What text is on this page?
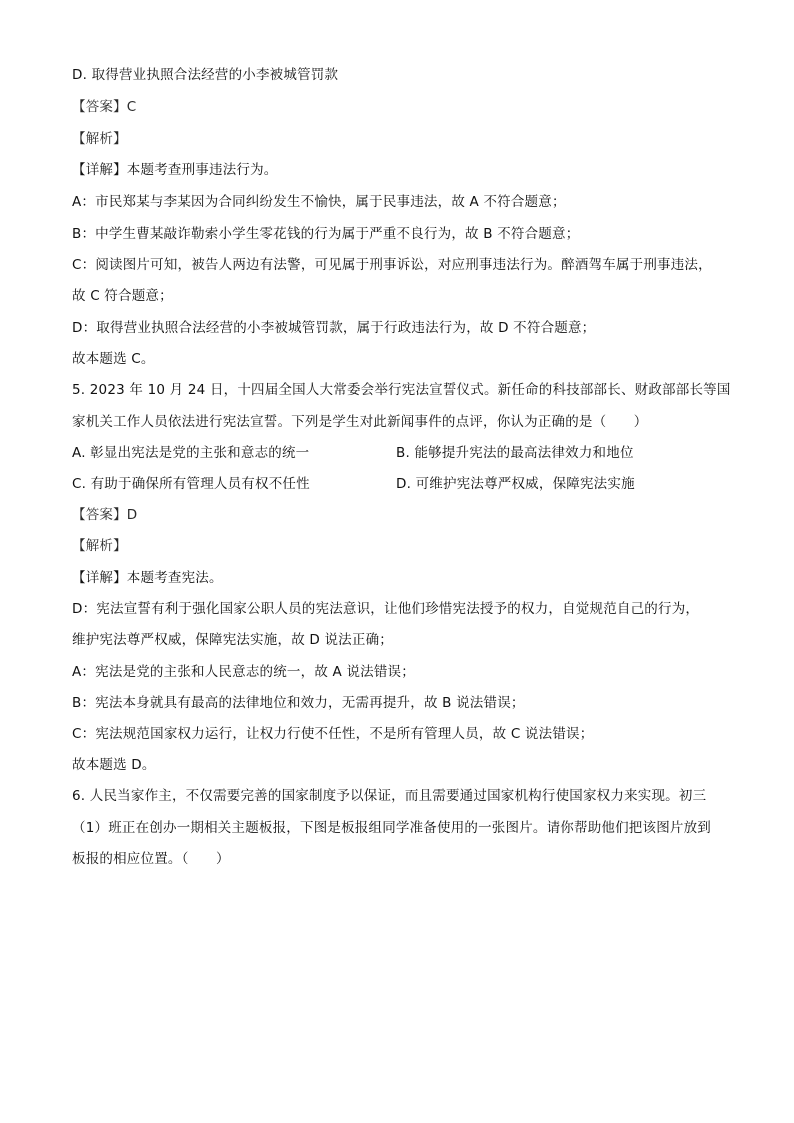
D. 取得营业执照合法经营的小李被城管罚款
【答案】C
【解析】
【详解】本题考查刑事违法行为。
A：市民郑某与李某因为合同纠纷发生不愉快，属于民事违法，故 A 不符合题意；
B：中学生曹某敲诈勒索小学生零花钱的行为属于严重不良行为，故 B 不符合题意；
C：阅读图片可知，被告人两边有法警，可见属于刑事诉讼，对应刑事违法行为。醉酒驾车属于刑事违法，
故 C 符合题意；
D：取得营业执照合法经营的小李被城管罚款，属于行政违法行为，故 D 不符合题意；
故本题选 C。
5. 2023 年 10 月 24 日，十四届全国人大常委会举行宪法宣誓仪式。新任命的科技部部长、财政部部长等国
家机关工作人员依法进行宪法宣誓。下列是学生对此新闻事件的点评，你认为正确的是（　　）
A. 彰显出宪法是党的主张和意志的统一	B. 能够提升宪法的最高法律效力和地位
C. 有助于确保所有管理人员有权不任性	D. 可维护宪法尊严权威，保障宪法实施
【答案】D
【解析】
【详解】本题考查宪法。
D：宪法宣誓有利于强化国家公职人员的宪法意识，让他们珍惜宪法授予的权力，自觉规范自己的行为，
维护宪法尊严权威，保障宪法实施，故 D 说法正确；
A：宪法是党的主张和人民意志的统一，故 A 说法错误；
B：宪法本身就具有最高的法律地位和效力，无需再提升，故 B 说法错误；
C：宪法规范国家权力运行，让权力行使不任性，不是所有管理人员，故 C 说法错误；
故本题选 D。
6. 人民当家作主，不仅需要完善的国家制度予以保证，而且需要通过国家机构行使国家权力来实现。初三
（1）班正在创办一期相关主题板报，下图是板报组同学准备使用的一张图片。请你帮助他们把该图片放到
板报的相应位置。（　　）
